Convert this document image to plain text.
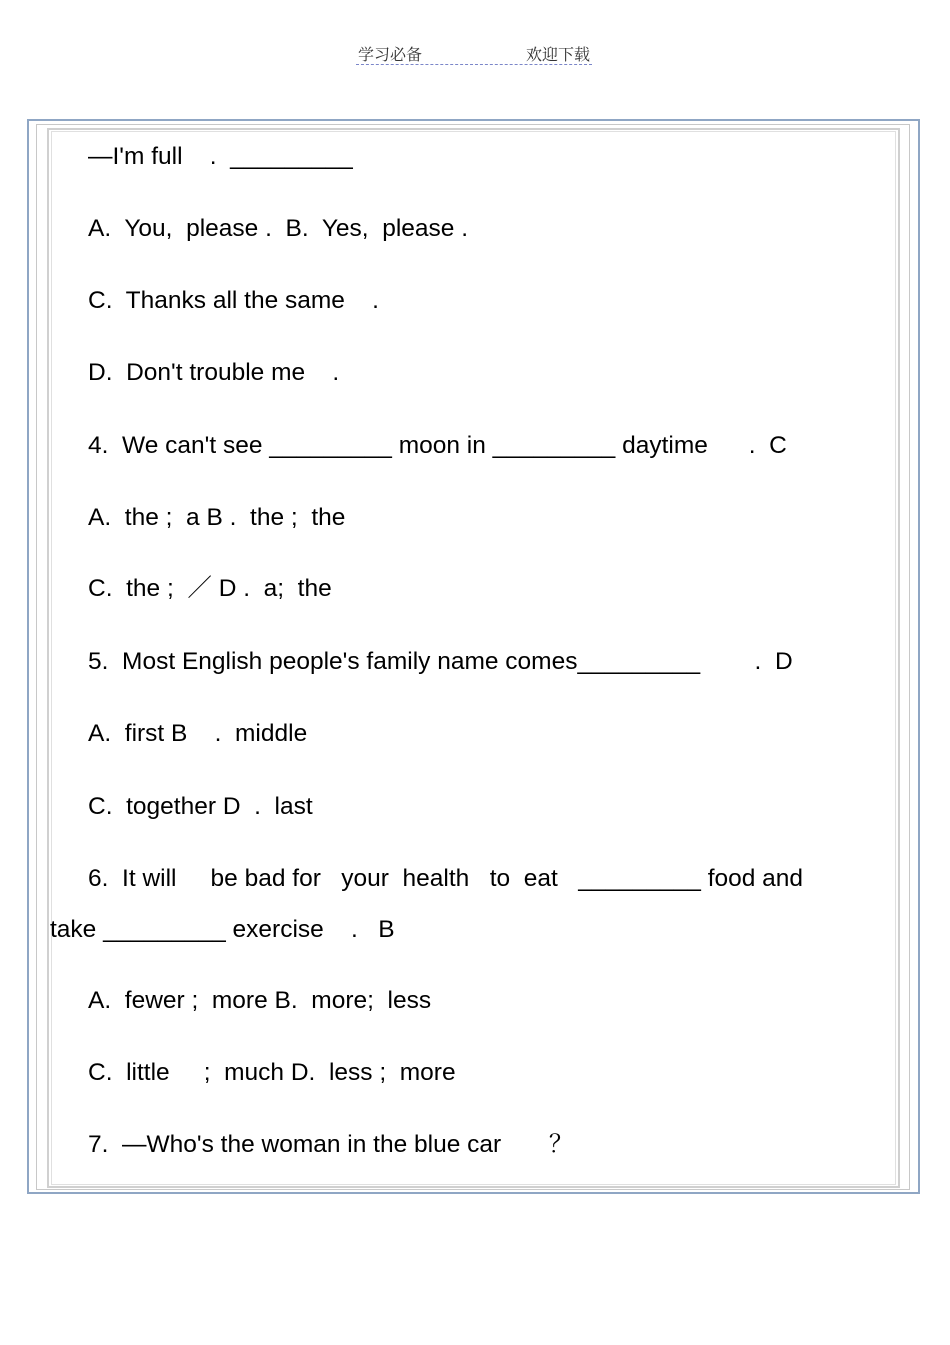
学习必备	欢迎下载
—I'm full    .  _________
A.  You,  please .  B.  Yes,  please .
C.  Thanks all the same    .
D.  Don't trouble me    .
4.  We can't see _________ moon in _________ daytime      .  C
A.  the ;  a B .  the ;  the
C.  the ;  ／ D .  a;  the
5.  Most English people's family name comes_________        .  D
A.  first B    .  middle
C.  together D  .  last
6.  It will     be bad for   your  health   to  eat   _________ food and
take _________ exercise    .   B
A.  fewer ;  more B.  more;  less
C.  little     ;  much D.  less ;  more
7.  —Who's the woman in the blue car       ？
